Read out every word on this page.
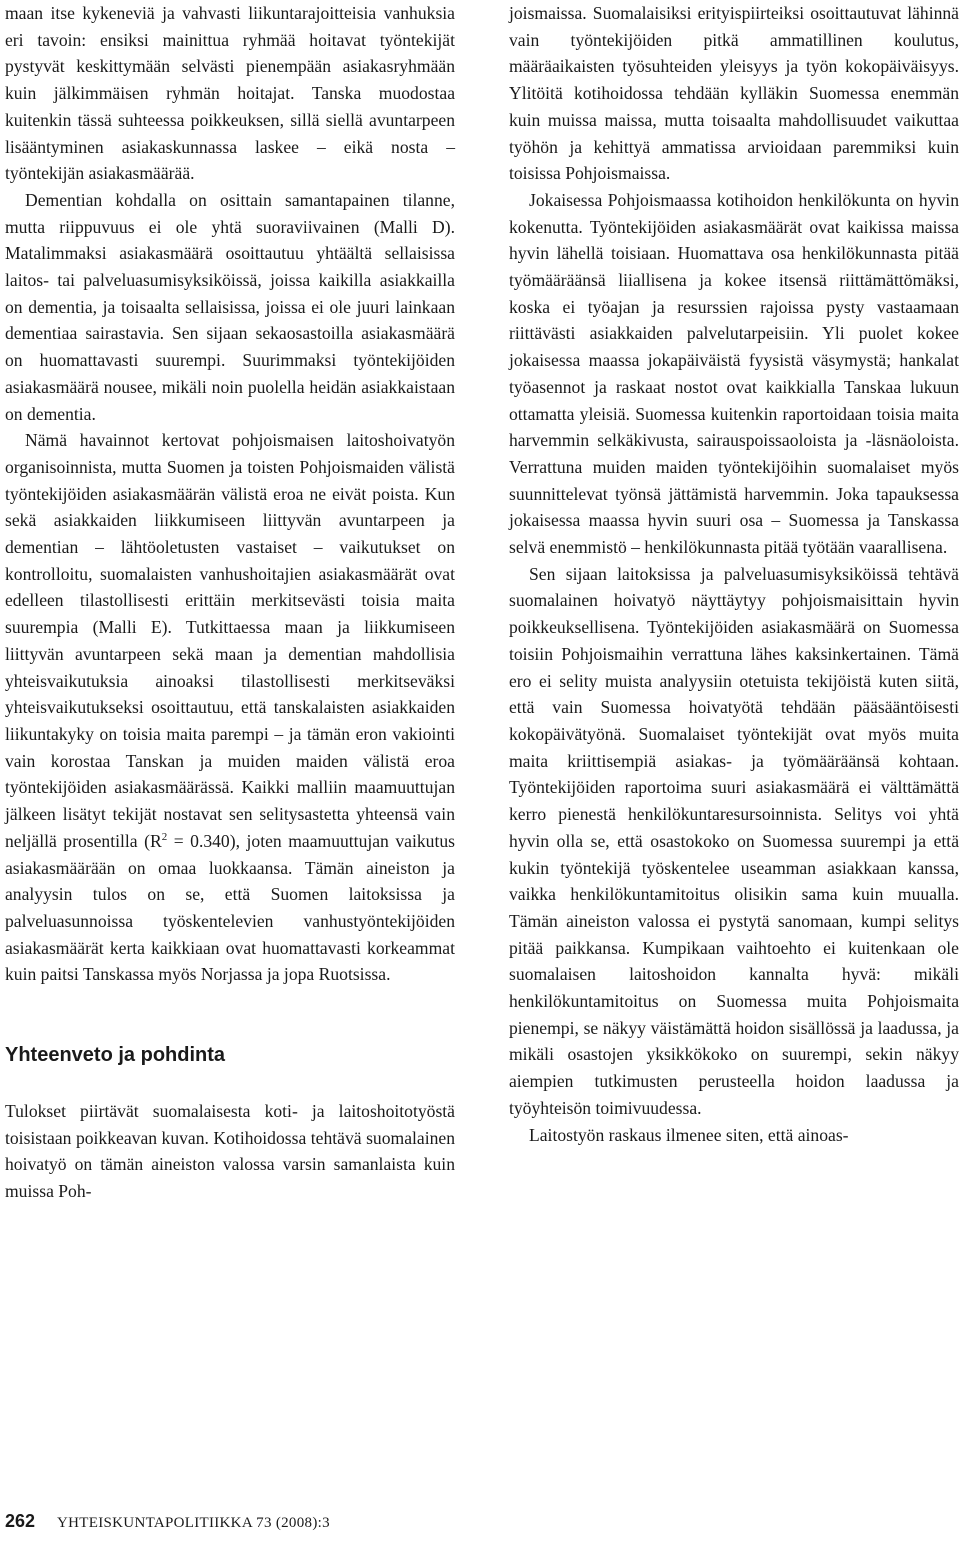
maan itse kykeneviä ja vahvasti liikuntarajoitteisia vanhuksia eri tavoin: ensiksi mainittua ryhmää hoitavat työntekijät pystyvät keskittymään selvästi pienempään asiakasryhmään kuin jälkimmäisen ryhmän hoitajat. Tanska muodostaa kuitenkin tässä suhteessa poikkeuksen, sillä siellä avuntarpeen lisääntyminen asiakaskunnassa laskee – eikä nosta – työntekijän asiakasmäärää.

Dementian kohdalla on osittain samantapainen tilanne, mutta riippuvuus ei ole yhtä suoraviivainen (Malli D). Matalimmaksi asiakasmäärä osoittautuu yhtäältä sellaisissa laitos- tai palveluasumisyksiköissä, joissa kaikilla asiakkailla on dementia, ja toisaalta sellaisissa, joissa ei ole juuri lainkaan dementiaa sairastavia. Sen sijaan sekaosastoilla asiakasmäärä on huomattavasti suurempi. Suurimmaksi työntekijöiden asiakasmäärä nousee, mikäli noin puolella heidän asiakkaistaan on dementia.

Nämä havainnot kertovat pohjoismaisen laitoshoivatyön organisoinnista, mutta Suomen ja toisten Pohjoismaiden välistä työntekijöiden asiakasmäärän välistä eroa ne eivät poista. Kun sekä asiakkaiden liikkumiseen liittyvän avuntarpeen ja dementian – lähtöoletusten vastaiset – vaikutukset on kontrolloitu, suomalaisten vanhushoitajien asiakasmäärät ovat edelleen tilastollisesti erittäin merkitsevästi toisia maita suurempia (Malli E). Tutkittaessa maan ja liikkumiseen liittyvän avuntarpeen sekä maan ja dementian mahdollisia yhteisvaikutuksia ainoaksi tilastollisesti merkitseväksi yhteisvaikutukseksi osoittautuu, että tanskalaisten asiakkaiden liikuntakyky on toisia maita parempi – ja tämän eron vakiointi vain korostaa Tanskan ja muiden maiden välistä eroa työntekijöiden asiakasmäärässä. Kaikki malliin maamuuttujan jälkeen lisätyt tekijät nostavat sen selitysastetta yhteensä vain neljällä prosentilla $(R^2 = 0.340)$, joten maamuuttujan vaikutus asiakasmäärään on omaa luokkaansa. Tämän aineiston ja analyysin tulos on se, että Suomen laitoksissa ja palveluasunnoissa työskentelevien vanhustyöntekijöiden asiakasmäärät kerta kaikkiaan ovat huomattavasti korkeammat kuin paitsi Tanskassa myös Norjassa ja jopa Ruotsissa.

Yhteenveto ja pohdinta

Tulokset piirtävät suomalaisesta koti- ja laitoshoitotyöstä toisistaan poikkeavan kuvan. Kotihoidossa tehtävä suomalainen hoivatyö on tämän aineiston valossa varsin samanlaista kuin muissa Poh-

joismaissa. Suomalaisiksi erityispiirteiksi osoittautuvat lähinnä vain työntekijöiden pitkä ammatillinen koulutus, määräaikaisten työsuhteiden yleisyys ja työn kokopäiväisyys. Ylitöitä kotihoidossa tehdään kylläkin Suomessa enemmän kuin muissa maissa, mutta toisaalta mahdollisuudet vaikuttaa työhön ja kehittyä ammatissa arvioidaan paremmiksi kuin toisissa Pohjoismaissa.

Jokaisessa Pohjoismaassa kotihoidon henkilökunta on hyvin kokenutta. Työntekijöiden asiakasmäärät ovat kaikissa maissa hyvin lähellä toisiaan. Huomattava osa henkilökunnasta pitää työmääräänsä liiallisena ja kokee itsensä riittämättömäksi, koska ei työajan ja resurssien rajoissa pysty vastaamaan riittävästi asiakkaiden palvelutarpeisiin. Yli puolet kokee jokaisessa maassa jokapäiväistä fyysistä väsymystä; hankalat työasennot ja raskaat nostot ovat kaikkialla Tanskaa lukuun ottamatta yleisiä. Suomessa kuitenkin raportoidaan toisia maita harvemmin selkäkivusta, sairauspoissaoloista ja -läsnäoloista. Verrattuna muiden maiden työntekijöihin suomalaiset myös suunnittelevat työnsä jättämistä harvemmin. Joka tapauksessa jokaisessa maassa hyvin suuri osa – Suomessa ja Tanskassa selvä enemmistö – henkilökunnasta pitää työtään vaarallisena.

Sen sijaan laitoksissa ja palveluasumisyksiköissä tehtävä suomalainen hoivatyö näyttäytyy pohjoismaisittain hyvin poikkeuksellisena. Työntekijöiden asiakasmäärä on Suomessa toisiin Pohjoismaihin verrattuna lähes kaksinkertainen. Tämä ero ei selity muista analyysiin otetuista tekijöistä kuten siitä, että vain Suomessa hoivatyötä tehdään pääsääntöisesti kokopäivätyönä. Suomalaiset työntekijät ovat myös muita maita kriittisempiä asiakas- ja työmääräänsä kohtaan. Työntekijöiden raportoima suuri asiakasmäärä ei välttämättä kerro pienestä henkilökuntaresursoinnista. Selitys voi yhtä hyvin olla se, että osastokoko on Suomessa suurempi ja että kukin työntekijä työskentelee useamman asiakkaan kanssa, vaikka henkilökuntamitoitus olisikin sama kuin muualla. Tämän aineiston valossa ei pystytä sanomaan, kumpi selitys pitää paikkansa. Kumpikaan vaihtoehto ei kuitenkaan ole suomalaisen laitoshoidon kannalta hyvä: mikäli henkilökuntamitoitus on Suomessa muita Pohjoismaita pienempi, se näkyy väistämättä hoidon sisällössä ja laadussa, ja mikäli osastojen yksikkökoko on suurempi, sekin näkyy aiempien tutkimusten perusteella hoidon laadussa ja työyhteisön toimivuudessa.

Laitostyön raskaus ilmenee siten, että ainoas-

262 YHTEISKUNTAPOLITIIKKA 73 (2008):3
